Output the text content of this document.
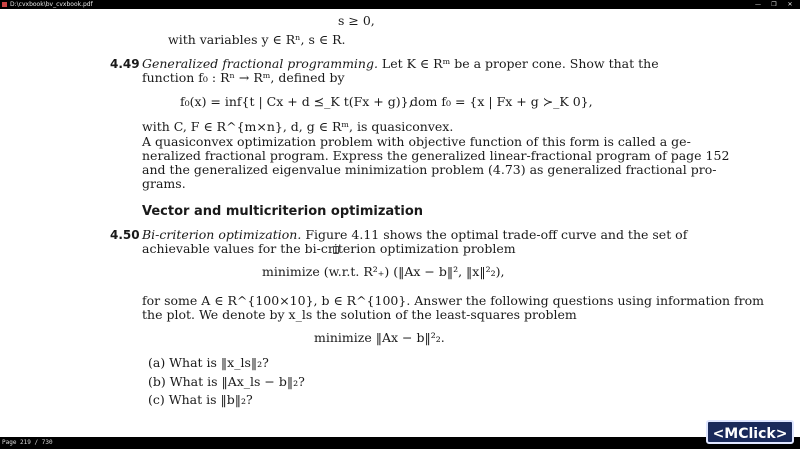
D:\cvxbook\bv_cvxbook.pdf	—	❐	✕
s ≥ 0,
with variables y ∈ Rⁿ, s ∈ R.
4.49 Generalized fractional programming. Let K ∈ Rᵐ be a proper cone. Show that the
function f₀ : Rⁿ → Rᵐ, defined by
f₀(x) = inf{t | Cx + d ⪯_K t(Fx + g)},
dom f₀ = {x | Fx + g ≻_K 0},
with C, F ∈ R^{m×n}, d, g ∈ Rᵐ, is quasiconvex.
A quasiconvex optimization problem with objective function of this form is called a ge-
neralized fractional program. Express the generalized linear-fractional program of page 152
and the generalized eigenvalue minimization problem (4.73) as generalized fractional pro-
grams.
Vector and multicriterion optimization
4.50 Bi-criterion optimization. Figure 4.11 shows the optimal trade-off curve and the set of
achievable values for the bi-criterion optimization problem
minimize (w.r.t. R²₊) (‖Ax − b‖², ‖x‖²₂),
for some A ∈ R^{100×10}, b ∈ R^{100}. Answer the following questions using information from
the plot. We denote by x_ls the solution of the least-squares problem
minimize ‖Ax − b‖²₂.
(a) What is ‖x_ls‖₂?
(b) What is ‖Ax_ls − b‖₂?
(c) What is ‖b‖₂?
Page 219 / 730
<MClick>
